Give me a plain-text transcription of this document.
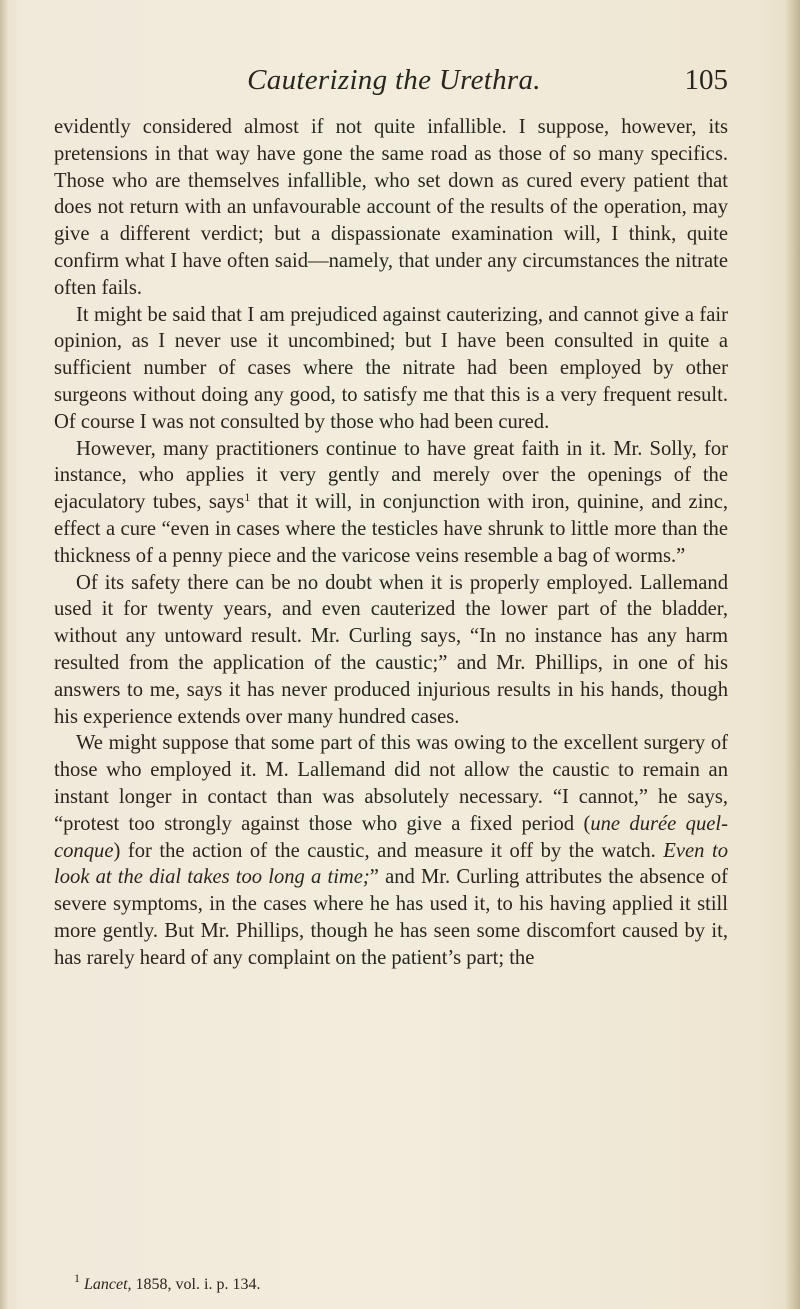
Cauterizing the Urethra.	105

evidently considered almost if not quite infallible. I suppose, however, its pretensions in that way have gone the same road as those of so many specifics. Those who are themselves infallible, who set down as cured every patient that does not return with an unfavourable account of the results of the operation, may give a different verdict; but a dispassionate examination will, I think, quite confirm what I have often said—namely, that under any circumstances the nitrate often fails.

It might be said that I am prejudiced against cauterizing, and cannot give a fair opinion, as I never use it uncombined; but I have been consulted in quite a sufficient number of cases where the nitrate had been employed by other surgeons without doing any good, to satisfy me that this is a very frequent result. Of course I was not consulted by those who had been cured.

However, many practitioners continue to have great faith in it. Mr. Solly, for instance, who applies it very gently and merely over the openings of the ejaculatory tubes, says$^1$ that it will, in conjunction with iron, quinine, and zinc, effect a cure “even in cases where the testicles have shrunk to little more than the thickness of a penny piece and the varicose veins resemble a bag of worms.”

Of its safety there can be no doubt when it is properly employed. Lallemand used it for twenty years, and even cauterized the lower part of the bladder, without any untoward result. Mr. Curling says, “In no instance has any harm resulted from the application of the caustic;” and Mr. Phillips, in one of his answers to me, says it has never produced injurious results in his hands, though his experience extends over many hundred cases.

We might suppose that some part of this was owing to the excellent surgery of those who employed it. M. Lallemand did not allow the caustic to remain an instant longer in contact than was absolutely necessary. “I cannot,” he says, “protest too strongly against those who give a fixed period (une durée quel-conque) for the action of the caustic, and measure it off by the watch. Even to look at the dial takes too long a time;” and Mr. Curling attributes the absence of severe symptoms, in the cases where he has used it, to his having applied it still more gently. But Mr. Phillips, though he has seen some discomfort caused by it, has rarely heard of any complaint on the patient’s part; the

$^1$ Lancet, 1858, vol. i. p. 134.
